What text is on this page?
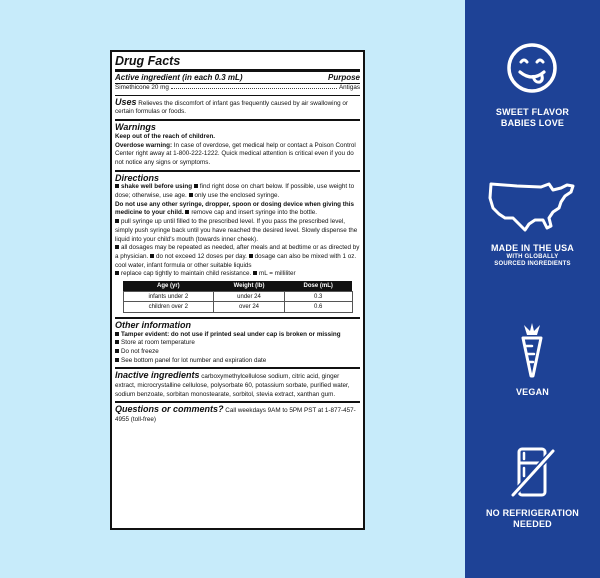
Drug Facts
Active ingredient (in each 0.3 mL)	Purpose
Simethicone 20 mg	Antigas
Uses Relieves the discomfort of infant gas frequently caused by air swallowing or certain formulas or foods.
Warnings
Keep out of the reach of children.
Overdose warning: In case of overdose, get medical help or contact a Poison Control Center right away at 1-800-222-1222. Quick medical attention is critical even if you do not notice any signs or symptoms.
Directions
shake well before using find right dose on chart below. If possible, use weight to dose; otherwise, use age. only use the enclosed syringe.
Do not use any other syringe, dropper, spoon or dosing device when giving this medicine to your child. remove cap and insert syringe into the bottle.
pull syringe up until filled to the prescribed level. If you pass the prescribed level, simply push syringe back until you have reached the desired level. Slowly dispense the liquid into your child's mouth (towards inner cheek).
all dosages may be repeated as needed, after meals and at bedtime or as directed by a physician. do not exceed 12 doses per day. dosage can also be mixed with 1 oz. cool water, infant formula or other suitable liquids
replace cap tightly to maintain child resistance. mL = milliliter
Age (yr)	Weight (lb)	Dose (mL)
infants under 2	under 24	0.3
children over 2	over 24	0.6
Other information
Tamper evident: do not use if printed seal under cap is broken or missing
Store at room temperature
Do not freeze
See bottom panel for lot number and expiration date
Inactive ingredients carboxymethylcellulose sodium, citric acid, ginger extract, microcrystalline cellulose, polysorbate 60, potassium sorbate, purified water, sodium benzoate, sorbitan monostearate, sorbitol, stevia extract, xanthan gum.
Questions or comments? Call weekdays 9AM to 5PM PST at 1-877-457-4955 (toll-free)
SWEET FLAVOR
BABIES LOVE
MADE IN THE USA
WITH GLOBALLY
SOURCED INGREDIENTS
VEGAN
NO REFRIGERATION
NEEDED
